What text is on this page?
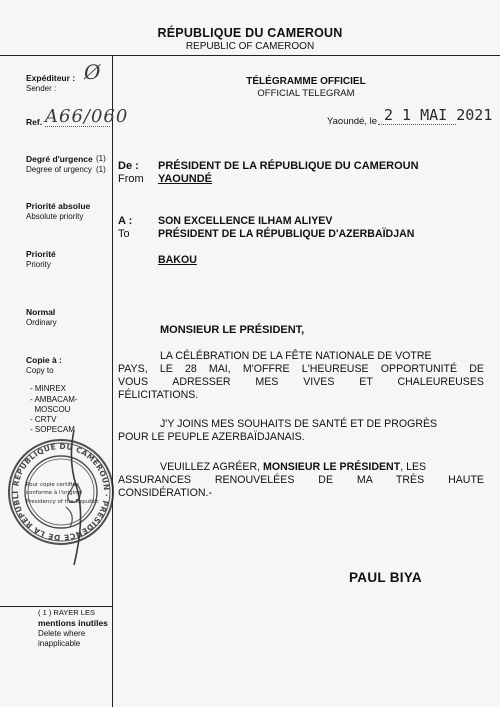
RÉPUBLIQUE DU CAMEROUN
REPUBLIC OF CAMEROON
Expéditeur :
Sender :
Ø
Ref. A66/060
Degré d'urgence (1)
Degree of urgency (1)
Priorité absolue
Absolute priority
Priorité
Priority
Normal
Ordinary
Copie à :
Copy to
- MINREX
- AMBACAM-
MOSCOU
- CRTV
- SOPECAM
REPUBLIQUE DU CAMEROUN · PRESIDENCE DE LA REPUBLI
Pour copie certifiée
conforme à l'original
Presidency of the Republic
( 1 ) RAYER LES
mentions inutiles
Delete where
inapplicable
TÉLÉGRAMME OFFICIEL
OFFICIAL TELEGRAM
Yaoundé, le 2 1 MAI 2021
De :
From
PRÉSIDENT DE LA RÉPUBLIQUE DU CAMEROUN
YAOUNDÉ
A :
To
SON EXCELLENCE ILHAM ALIYEV
PRÉSIDENT DE LA RÉPUBLIQUE D'AZERBAÏDJAN
BAKOU
MONSIEUR LE PRÉSIDENT,
LA CÉLÉBRATION DE LA FÊTE NATIONALE DE VOTRE
PAYS, LE 28 MAI, M'OFFRE L'HEUREUSE OPPORTUNITÉ DE
VOUS ADRESSER MES VIVES ET CHALEUREUSES
FÉLICITATIONS.
J'Y JOINS MES SOUHAITS DE SANTÉ ET DE PROGRÈS
POUR LE PEUPLE AZERBAÏDJANAIS.
VEUILLEZ AGRÉER, MONSIEUR LE PRÉSIDENT, LES
ASSURANCES RENOUVELÉES DE MA TRÈS HAUTE
CONSIDÉRATION.-
PAUL BIYA
